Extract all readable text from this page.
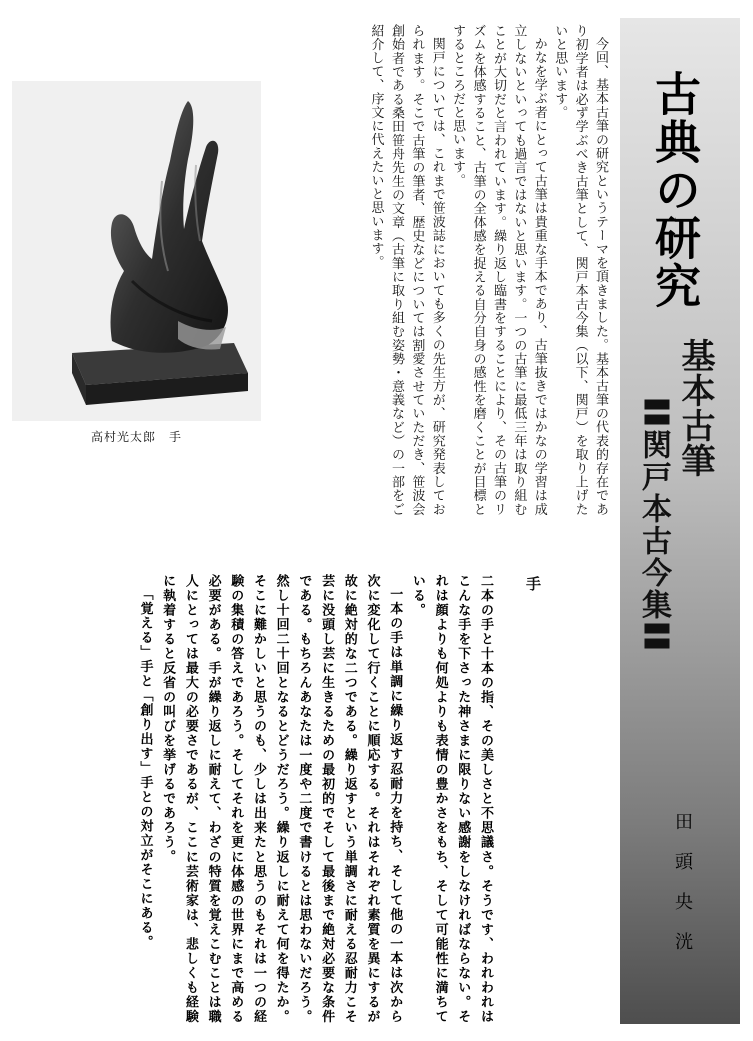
古典の研究
基本古筆
〓関戸本古今集〓
田頭央洸

今回、基本古筆の研究というテーマを頂きました。基本古筆の代表的存在であり初学者は必ず学ぶべき古筆として、関戸本古今集（以下、関戸）を取り上げたいと思います。

かなを学ぶ者にとって古筆は貴重な手本であり、古筆抜きではかなの学習は成立しないといっても過言ではないと思います。一つの古筆に最低三年は取り組むことが大切だと言われています。繰り返し臨書をすることにより、その古筆のリズムを体感すること、古筆の全体感を捉える自分自身の感性を磨くことが目標とするところだと思います。

関戸については、これまで笹波誌においても多くの先生方が、研究発表しておられます。そこで古筆の筆者、歴史などについては割愛させていただき、笹波会創始者である桑田笹舟先生の文章（古筆に取り組む姿勢・意義など）の一部をご紹介して、序文に代えたいと思います。

高村光太郎　手
手

二本の手と十本の指、その美しさと不思議さ。そうです、われわれはこんな手を下さった神さまに限りない感謝をしなければならない。それは顔よりも何処よりも表情の豊かさをもち、そして可能性に満ちている。

一本の手は単調に繰り返す忍耐力を持ち、そして他の一本は次から次に変化して行くことに順応する。それはそれぞれ素質を異にするが故に絶対的な二つである。繰り返すという単調さに耐える忍耐力こそ芸に没頭し芸に生きるための最初的でそして最後まで絶対必要な条件である。もちろんあなたは一度や二度で書けるとは思わないだろう。然し十回二十回となるとどうだろう。繰り返しに耐えて何を得たか。そこに難かしいと思うのも、少しは出来たと思うのもそれは一つの経験の集積の答えであろう。そしてそれを更に体感の世界にまで高める必要がある。手が繰り返しに耐えて、わざの特質を覚えこむことは職人にとっては最大の必要さであるが、ここに芸術家は、悲しくも経験に執着すると反省の叫びを挙げるであろう。

「覚える」手と「創り出す」手との対立がそこにある。
